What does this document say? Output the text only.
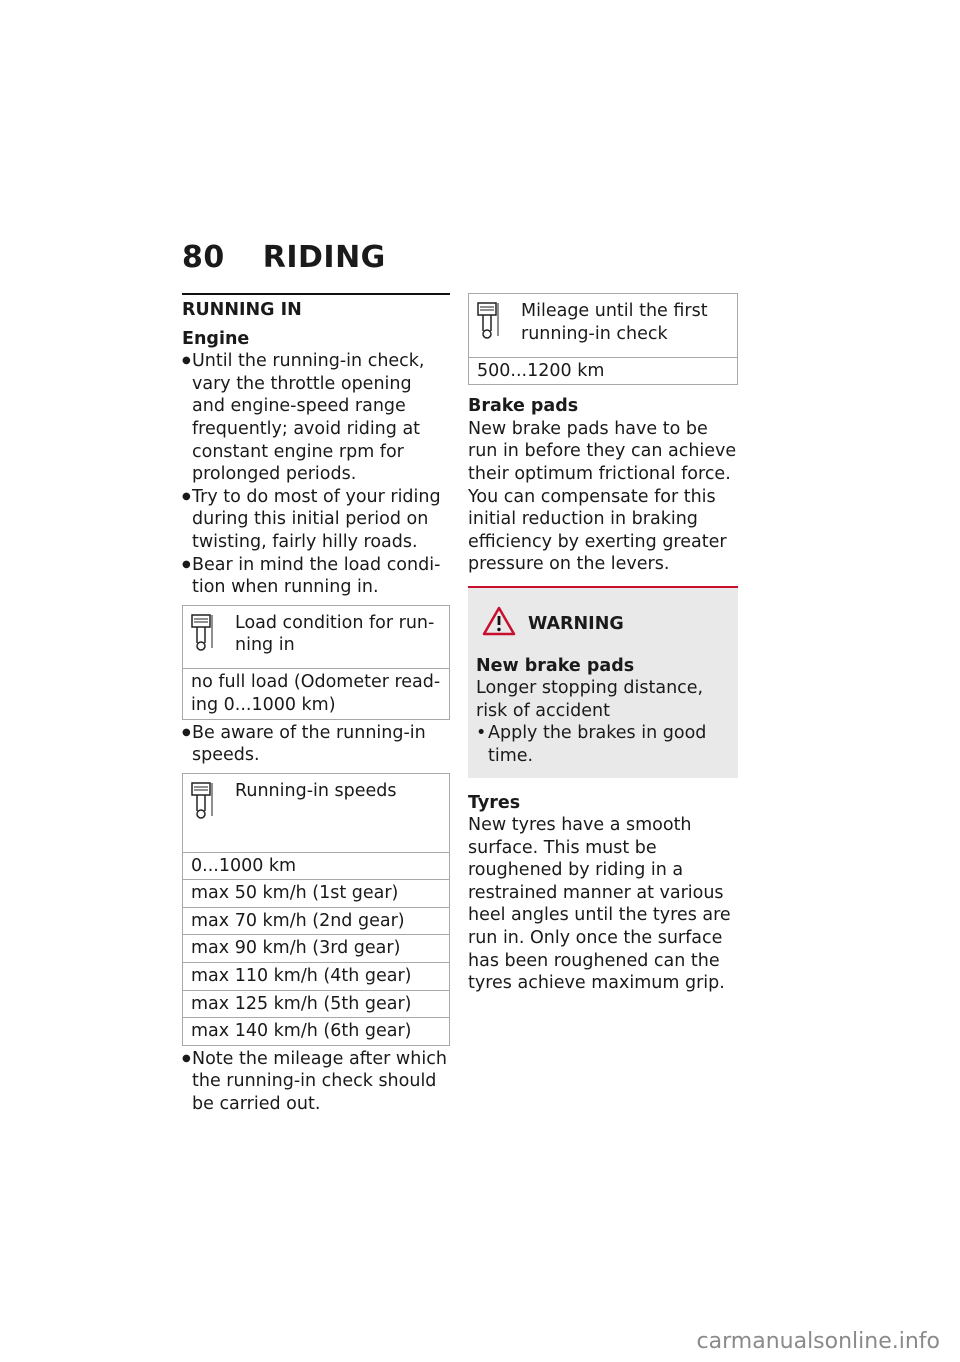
80 RIDING
RUNNING IN
Engine
● Until the running-in check, vary the throttle opening and engine-speed range frequently; avoid riding at constant engine rpm for prolonged periods.
● Try to do most of your riding during this initial period on twisting, fairly hilly roads.
● Bear in mind the load condi- tion when running in.
Load condition for run- ning in
no full load (Odometer read- ing 0...1000 km)
● Be aware of the running-in speeds.
Running-in speeds
0...1000 km
max 50 km/h (1st gear)
max 70 km/h (2nd gear)
max 90 km/h (3rd gear)
max 110 km/h (4th gear)
max 125 km/h (5th gear)
max 140 km/h (6th gear)
● Note the mileage after which the running-in check should be carried out.
Mileage until the first running-in check
500...1200 km
Brake pads

New brake pads have to be run in before they can achieve their optimum frictional force. You can compensate for this initial reduction in braking efficiency by exerting greater pressure on the levers.

WARNING
New brake pads

Longer stopping distance, risk of accident

• Apply the brakes in good time.
Tyres

New tyres have a smooth surface. This must be roughened by riding in a restrained manner at various heel angles until the tyres are run in. Only once the surface has been roughened can the tyres achieve maximum grip.

carmanualsonline.info
